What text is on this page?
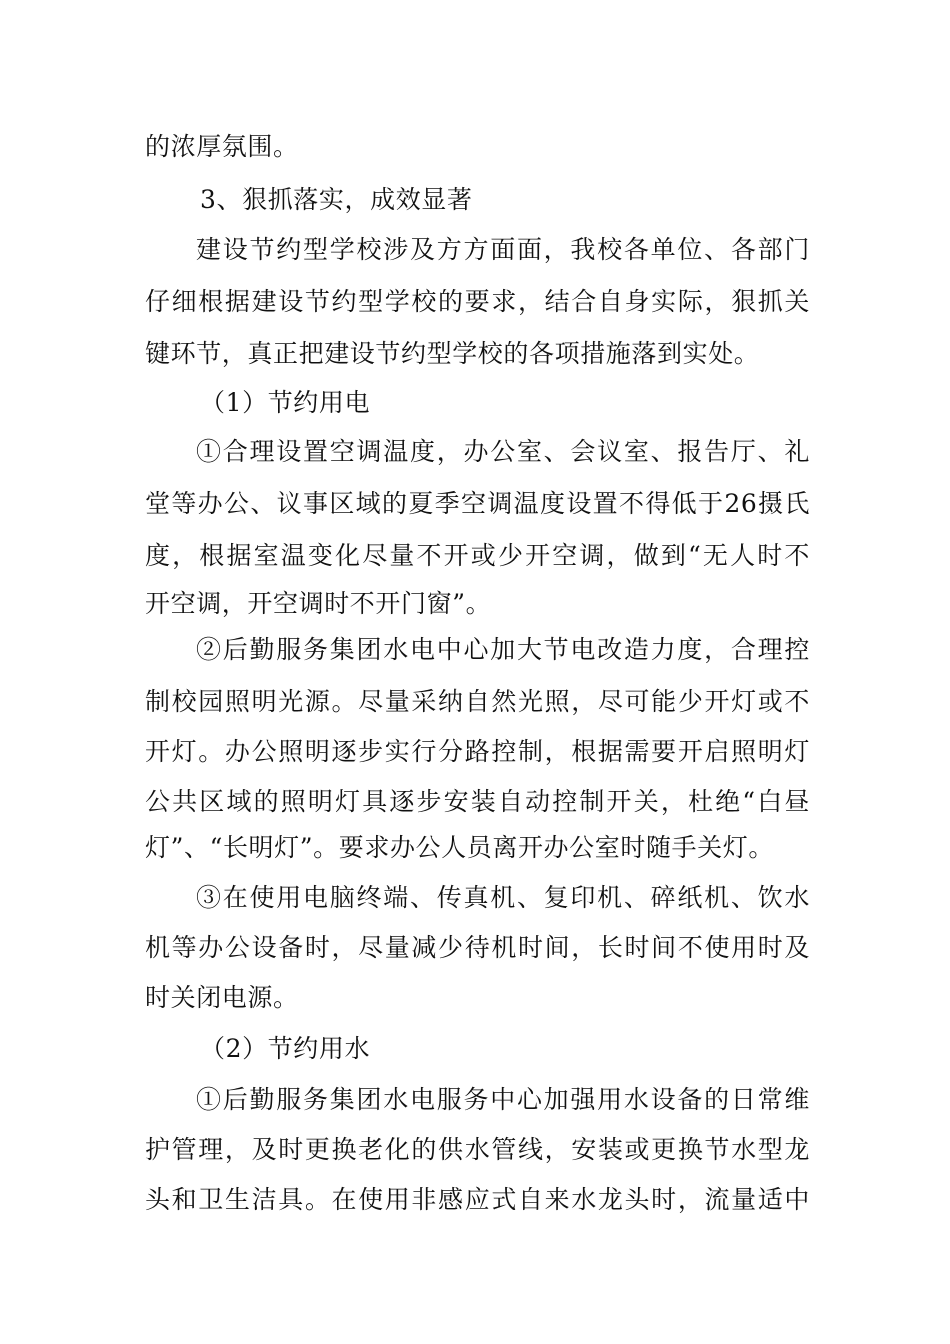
的浓厚氛围。
3、狠抓落实，成效显著
建设节约型学校涉及方方面面，我校各单位、各部门
仔细根据建设节约型学校的要求，结合自身实际，狠抓关
键环节，真正把建设节约型学校的各项措施落到实处。
（1）节约用电
①合理设置空调温度，办公室、会议室、报告厅、礼
堂等办公、议事区域的夏季空调温度设置不得低于26摄氏
度，根据室温变化尽量不开或少开空调，做到“无人时不
开空调，开空调时不开门窗”。
②后勤服务集团水电中心加大节电改造力度，合理控
制校园照明光源。尽量采纳自然光照，尽可能少开灯或不
开灯。办公照明逐步实行分路控制，根据需要开启照明灯
公共区域的照明灯具逐步安装自动控制开关，杜绝“白昼
灯”、“长明灯”。要求办公人员离开办公室时随手关灯。
③在使用电脑终端、传真机、复印机、碎纸机、饮水
机等办公设备时，尽量减少待机时间，长时间不使用时及
时关闭电源。
（2）节约用水
①后勤服务集团水电服务中心加强用水设备的日常维
护管理，及时更换老化的供水管线，安装或更换节水型龙
头和卫生洁具。在使用非感应式自来水龙头时，流量适中
